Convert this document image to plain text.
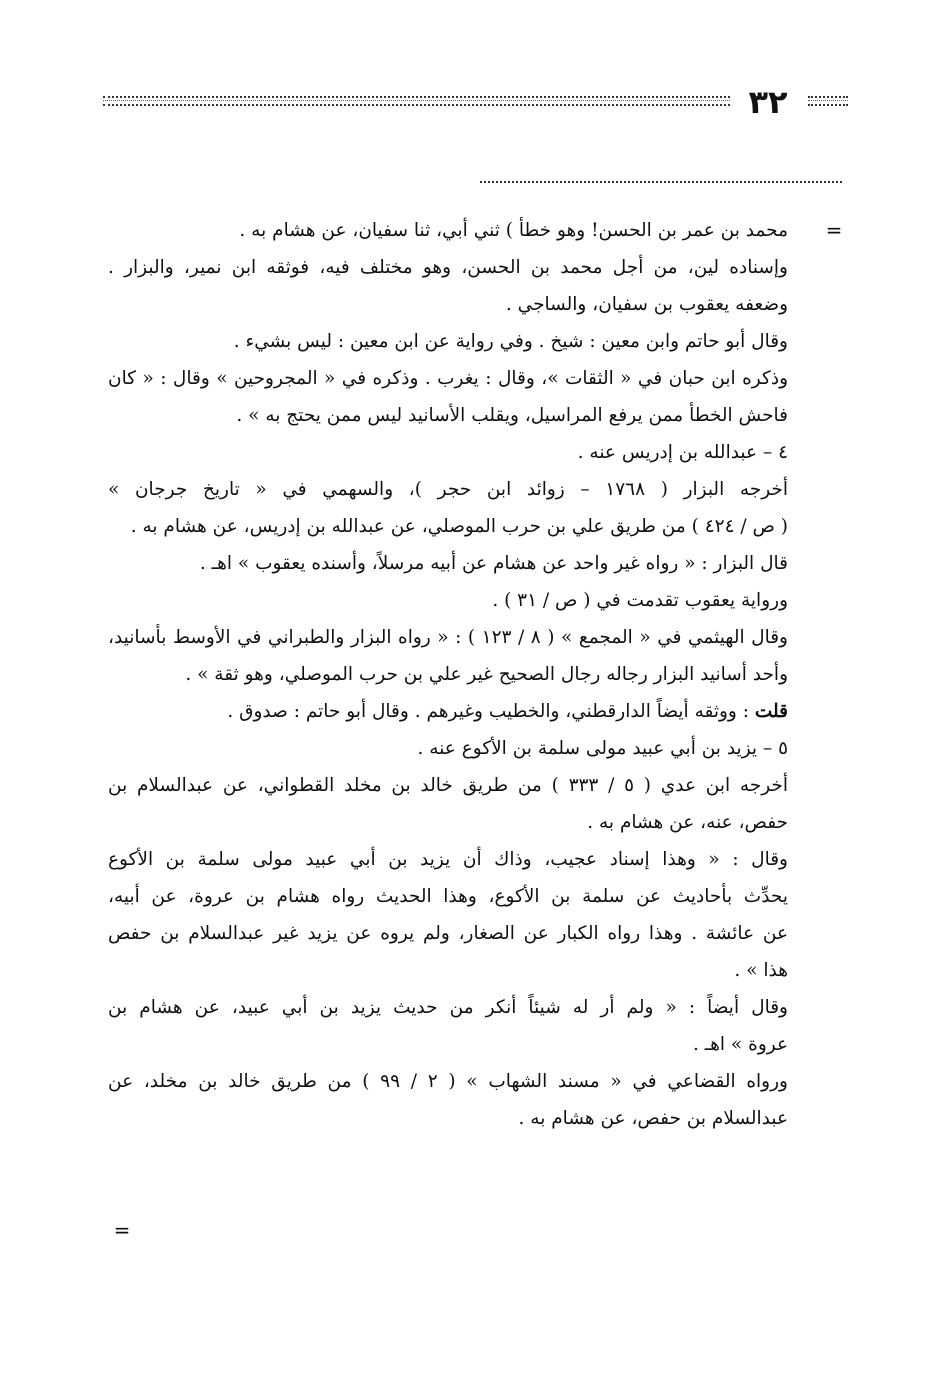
٣٢
=
=
محمد بن عمر بن الحسن! وهو خطأ ) ثني أبي، ثنا سفيان، عن هشام به .
وإسناده لين، من أجل محمد بن الحسن، وهو مختلف فيه، فوثقه ابن نمير، والبزار .
وضعفه يعقوب بن سفيان، والساجي .
وقال أبو حاتم وابن معين : شيخ . وفي رواية عن ابن معين : ليس بشيء .
وذكره ابن حبان في « الثقات »، وقال : يغرب . وذكره في « المجروحين » وقال : « كان
فاحش الخطأ ممن يرفع المراسيل، ويقلب الأسانيد ليس ممن يحتج به » .
٤ – عبدالله بن إدريس عنه .
أخرجه البزار ( ١٧٦٨ – زوائد ابن حجر )، والسهمي في « تاريخ جرجان »
( ص / ٤٢٤ ) من طريق علي بن حرب الموصلي، عن عبدالله بن إدريس، عن هشام به .
قال البزار : « رواه غير واحد عن هشام عن أبيه مرسلاً، وأسنده يعقوب » اهـ .
ورواية يعقوب تقدمت في ( ص / ٣١ ) .
وقال الهيثمي في « المجمع » ( ٨ / ١٢٣ ) : « رواه البزار والطبراني في الأوسط بأسانيد،
وأحد أسانيد البزار رجاله رجال الصحيح غير علي بن حرب الموصلي، وهو ثقة » .
قلت : ووثقه أيضاً الدارقطني، والخطيب وغيرهم . وقال أبو حاتم : صدوق .
٥ – يزيد بن أبي عبيد مولى سلمة بن الأكوع عنه .
أخرجه ابن عدي ( ٥ / ٣٣٣ ) من طريق خالد بن مخلد القطواني، عن عبدالسلام بن
حفص، عنه، عن هشام به .
وقال : « وهذا إسناد عجيب، وذاك أن يزيد بن أبي عبيد مولى سلمة بن الأكوع
يحدِّث بأحاديث عن سلمة بن الأكوع، وهذا الحديث رواه هشام بن عروة، عن أبيه،
عن عائشة . وهذا رواه الكبار عن الصغار، ولم يروه عن يزيد غير عبدالسلام بن حفص
هذا » .
وقال أيضاً : « ولم أر له شيئاً أنكر من حديث يزيد بن أبي عبيد، عن هشام بن
عروة » اهـ .
ورواه القضاعي في « مسند الشهاب » ( ٢ / ٩٩ ) من طريق خالد بن مخلد، عن
عبدالسلام بن حفص، عن هشام به .
